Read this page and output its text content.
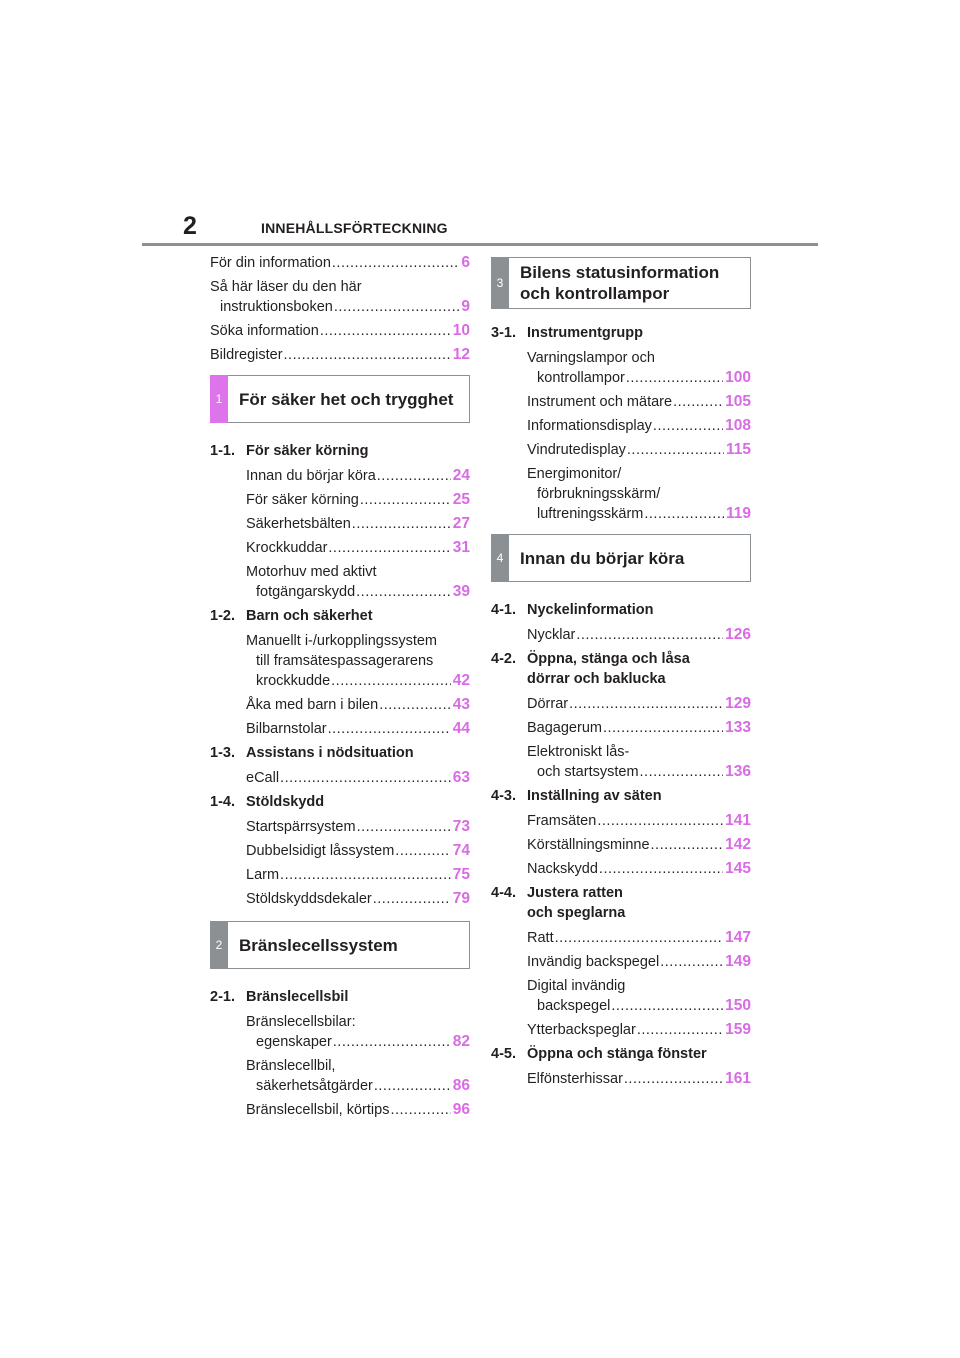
2	INNEHÅLLSFÖRTECKNING
För din information .....	6
Så här läser du den här
instruktionsboken .....	9
Söka information .....	10
Bildregister .....	12
1 För säker het och trygghet
1-1. För säker körning
Innan du börjar köra .....	24
För säker körning .....	25
Säkerhetsbälten .....	27
Krockkuddar .....	31
Motorhuv med aktivt
fotgängarskydd .....	39
1-2. Barn och säkerhet
Manuellt i-/urkopplingssystem
till framsätespassagerarens
krockkudde .....	42
Åka med barn i bilen .....	43
Bilbarnstolar .....	44
1-3. Assistans i nödsituation
eCall .....	63
1-4. Stöldskydd
Startspärrsystem .....	73
Dubbelsidigt låssystem .....	74
Larm .....	75
Stöldskyddsdekaler .....	79
2 Bränslecellssystem
2-1. Bränslecellsbil
Bränslecellsbilar:
egenskaper .....	82
Bränslecellbil,
säkerhetsåtgärder .....	86
Bränslecellsbil, körtips .....	96
3
Bilens statusinformation
och kontrollampor
3-1. Instrumentgrupp
Varningslampor och
kontrollampor .....	100
Instrument och mätare .....	105
Informationsdisplay .....	108
Vindrutedisplay .....	115
Energimonitor/
förbrukningsskärm/
luftreningsskärm .....	119
4 Innan du börjar köra
4-1. Nyckelinformation
Nycklar .....	126
4-2. Öppna, stänga och låsa
dörrar och baklucka
Dörrar .....	129
Bagagerum .....	133
Elektroniskt lås-
och startsystem .....	136
4-3. Inställning av säten
Framsäten .....	141
Körställningsminne .....	142
Nackskydd .....	145
4-4. Justera ratten
och speglarna
Ratt .....	147
Invändig backspegel .....	149
Digital invändig
backspegel .....	150
Ytterbackspeglar .....	159
4-5. Öppna och stänga fönster
Elfönsterhissar .....	161
